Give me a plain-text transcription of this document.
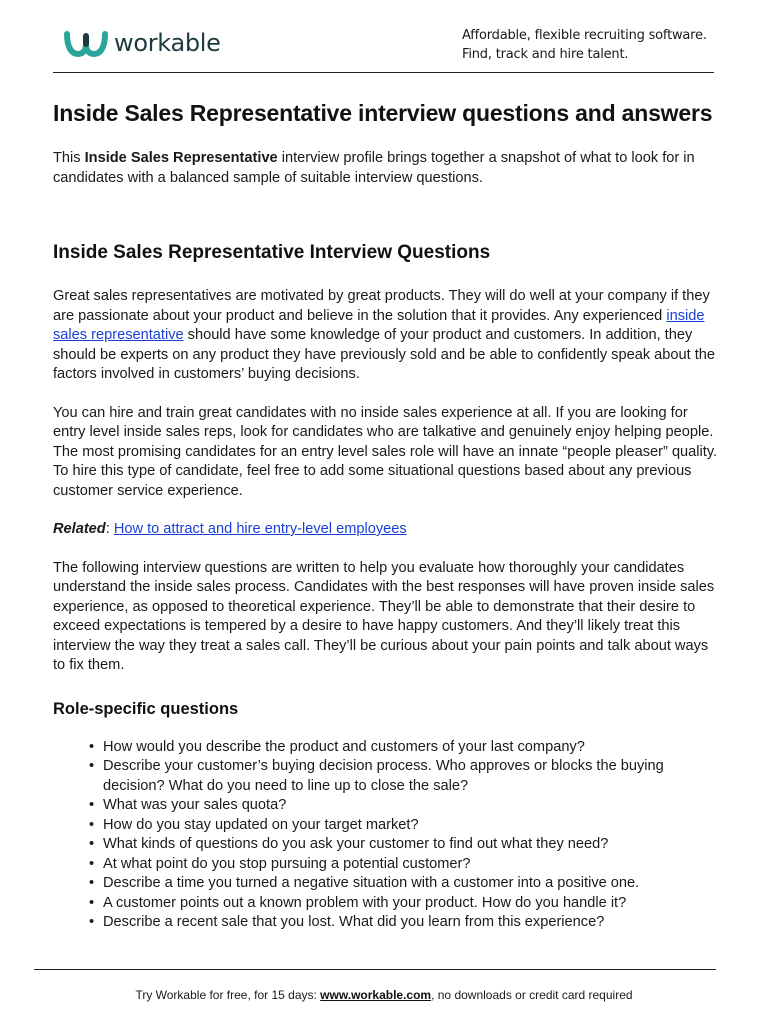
workable	Affordable, flexible recruiting software.
Find, track and hire talent.
Inside Sales Representative interview questions and answers

This Inside Sales Representative interview profile brings together a snapshot of what to look for in candidates with a balanced sample of suitable interview questions.

Inside Sales Representative Interview Questions

Great sales representatives are motivated by great products. They will do well at your company if they are passionate about your product and believe in the solution that it provides. Any experienced inside sales representative should have some knowledge of your product and customers. In addition, they should be experts on any product they have previously sold and be able to confidently speak about the factors involved in customers’ buying decisions.

You can hire and train great candidates with no inside sales experience at all. If you are looking for entry level inside sales reps, look for candidates who are talkative and genuinely enjoy helping people. The most promising candidates for an entry level sales role will have an innate “people pleaser” quality. To hire this type of candidate, feel free to add some situational questions based about any previous customer service experience.

Related: How to attract and hire entry-level employees

The following interview questions are written to help you evaluate how thoroughly your candidates understand the inside sales process. Candidates with the best responses will have proven inside sales experience, as opposed to theoretical experience. They’ll be able to demonstrate that their desire to exceed expectations is tempered by a desire to have happy customers. And they’ll likely treat this interview the way they treat a sales call. They’ll be curious about your pain points and talk about ways to fix them.

Role-specific questions
• How would you describe the product and customers of your last company?
• Describe your customer’s buying decision process. Who approves or blocks the buying decision? What do you need to line up to close the sale?
• What was your sales quota?
• How do you stay updated on your target market?
• What kinds of questions do you ask your customer to find out what they need?
• At what point do you stop pursuing a potential customer?
• Describe a time you turned a negative situation with a customer into a positive one.
• A customer points out a known problem with your product. How do you handle it?
• Describe a recent sale that you lost. What did you learn from this experience?
Try Workable for free, for 15 days: www.workable.com, no downloads or credit card required
